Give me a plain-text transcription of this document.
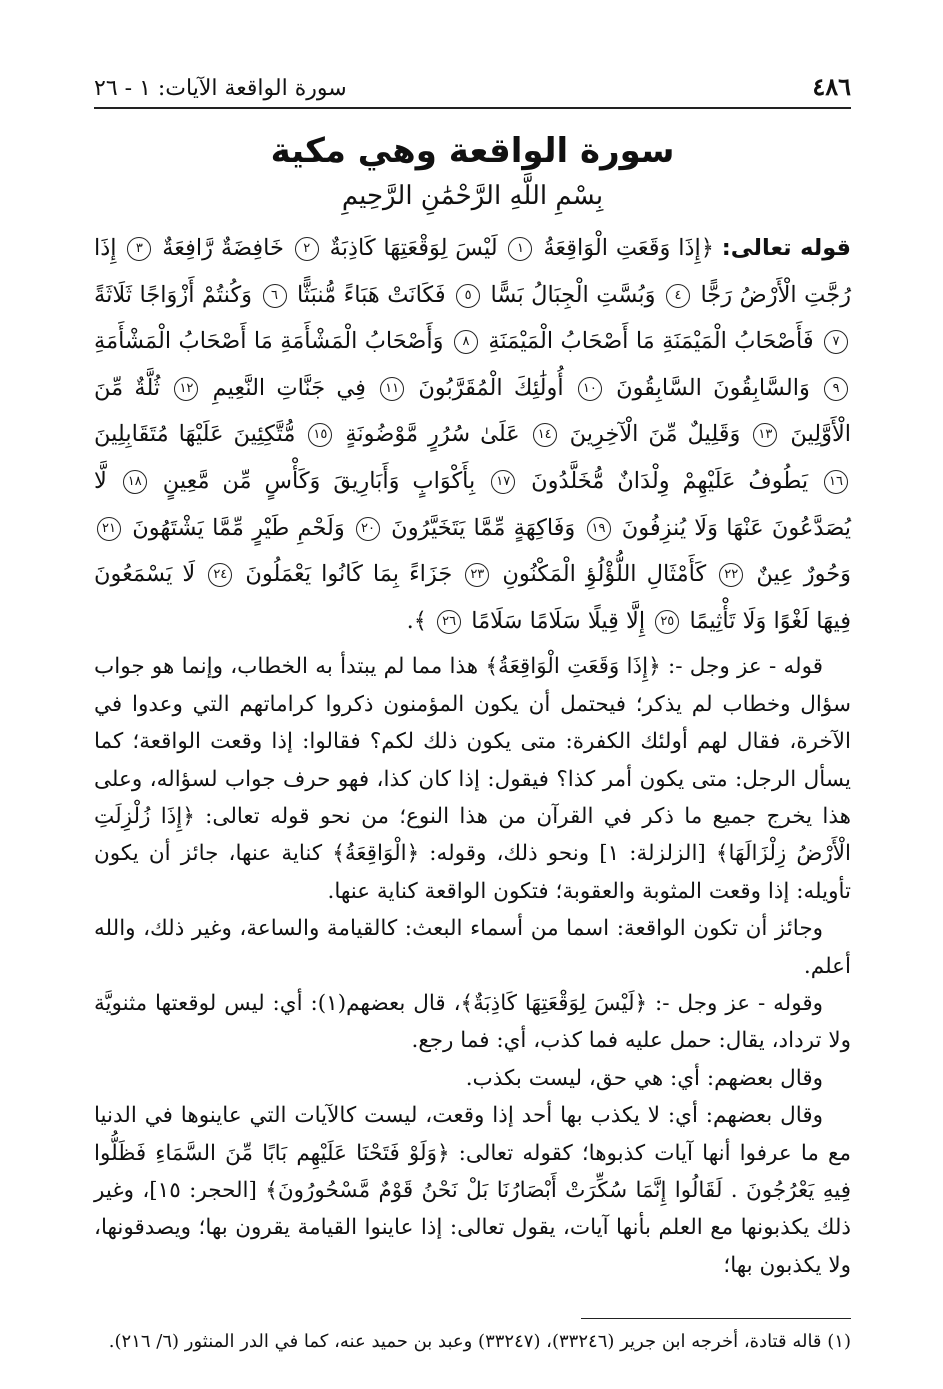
٤٨٦
سورة الواقعة الآيات: ١ - ٢٦
سورة الواقعة وهي مكية
بِسْمِ اللَّهِ الرَّحْمَٰنِ الرَّحِيمِ
قوله تعالى: ﴿إِذَا وَقَعَتِ الْوَاقِعَةُ ١ لَيْسَ لِوَقْعَتِهَا كَاذِبَةٌ ٢ خَافِضَةٌ رَّافِعَةٌ ٣ إِذَا رُجَّتِ الْأَرْضُ رَجًّا ٤ وَبُسَّتِ الْجِبَالُ بَسًّا ٥ فَكَانَتْ هَبَاءً مُّنبَثًّا ٦ وَكُنتُمْ أَزْوَاجًا ثَلَاثَةً ٧ فَأَصْحَابُ الْمَيْمَنَةِ مَا أَصْحَابُ الْمَيْمَنَةِ ٨ وَأَصْحَابُ الْمَشْأَمَةِ مَا أَصْحَابُ الْمَشْأَمَةِ ٩ وَالسَّابِقُونَ السَّابِقُونَ ١٠ أُولَٰئِكَ الْمُقَرَّبُونَ ١١ فِي جَنَّاتِ النَّعِيمِ ١٢ ثُلَّةٌ مِّنَ الْأَوَّلِينَ ١٣ وَقَلِيلٌ مِّنَ الْآخِرِينَ ١٤ عَلَىٰ سُرُرٍ مَّوْضُونَةٍ ١٥ مُّتَّكِئِينَ عَلَيْهَا مُتَقَابِلِينَ ١٦ يَطُوفُ عَلَيْهِمْ وِلْدَانٌ مُّخَلَّدُونَ ١٧ بِأَكْوَابٍ وَأَبَارِيقَ وَكَأْسٍ مِّن مَّعِينٍ ١٨ لَّا يُصَدَّعُونَ عَنْهَا وَلَا يُنزِفُونَ ١٩ وَفَاكِهَةٍ مِّمَّا يَتَخَيَّرُونَ ٢٠ وَلَحْمِ طَيْرٍ مِّمَّا يَشْتَهُونَ ٢١ وَحُورٌ عِينٌ ٢٢ كَأَمْثَالِ اللُّؤْلُؤِ الْمَكْنُونِ ٢٣ جَزَاءً بِمَا كَانُوا يَعْمَلُونَ ٢٤ لَا يَسْمَعُونَ فِيهَا لَغْوًا وَلَا تَأْثِيمًا ٢٥ إِلَّا قِيلًا سَلَامًا سَلَامًا ٢٦ ﴾.

قوله - عز وجل -: ﴿إِذَا وَقَعَتِ الْوَاقِعَةُ﴾ هذا مما لم يبتدأ به الخطاب، وإنما هو جواب سؤال وخطاب لم يذكر؛ فيحتمل أن يكون المؤمنون ذكروا كراماتهم التي وعدوا في الآخرة، فقال لهم أولئك الكفرة: متى يكون ذلك لكم؟ فقالوا: إذا وقعت الواقعة؛ كما يسأل الرجل: متى يكون أمر كذا؟ فيقول: إذا كان كذا، فهو حرف جواب لسؤاله، وعلى هذا يخرج جميع ما ذكر في القرآن من هذا النوع؛ من نحو قوله تعالى: ﴿إِذَا زُلْزِلَتِ الْأَرْضُ زِلْزَالَهَا﴾ [الزلزلة: ١] ونحو ذلك، وقوله: ﴿الْوَاقِعَةُ﴾ كناية عنها، جائز أن يكون تأويله: إذا وقعت المثوبة والعقوبة؛ فتكون الواقعة كناية عنها.

وجائز أن تكون الواقعة: اسما من أسماء البعث: كالقيامة والساعة، وغير ذلك، والله أعلم.

وقوله - عز وجل -: ﴿لَيْسَ لِوَقْعَتِهَا كَاذِبَةٌ﴾، قال بعضهم(١): أي: ليس لوقعتها مثنويَّة ولا ترداد، يقال: حمل عليه فما كذب، أي: فما رجع.

وقال بعضهم: أي: هي حق، ليست بكذب.

وقال بعضهم: أي: لا يكذب بها أحد إذا وقعت، ليست كالآيات التي عاينوها في الدنيا مع ما عرفوا أنها آيات كذبوها؛ كقوله تعالى: ﴿وَلَوْ فَتَحْنَا عَلَيْهِم بَابًا مِّنَ السَّمَاءِ فَظَلُّوا فِيهِ يَعْرُجُونَ . لَقَالُوا إِنَّمَا سُكِّرَتْ أَبْصَارُنَا بَلْ نَحْنُ قَوْمٌ مَّسْحُورُونَ﴾ [الحجر: ١٥]، وغير ذلك يكذبونها مع العلم بأنها آيات، يقول تعالى: إذا عاينوا القيامة يقرون بها؛ ويصدقونها، ولا يكذبون بها؛

(١) قاله قتادة، أخرجه ابن جرير (٣٣٢٤٦)، (٣٣٢٤٧) وعبد بن حميد عنه، كما في الدر المنثور (٦/ ٢١٦).
